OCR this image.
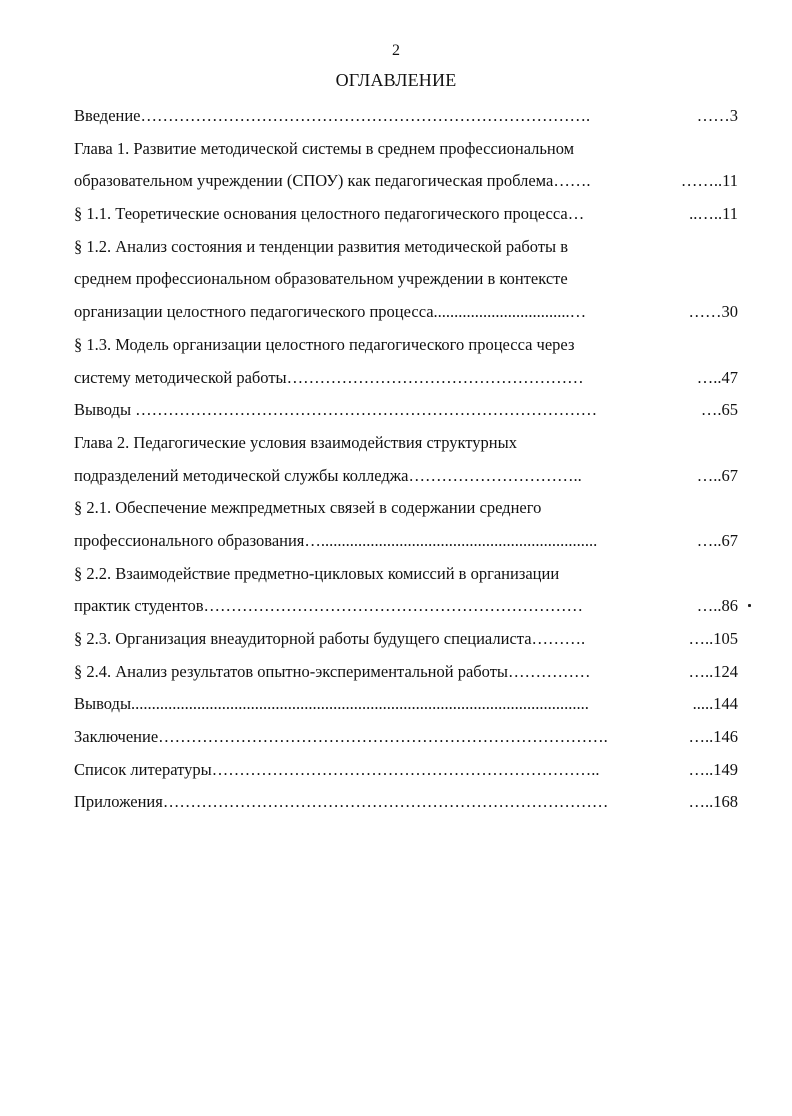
2
ОГЛАВЛЕНИЕ
Введение……………………………………………………………………….	……3
Глава 1. Развитие методической системы в среднем профессиональном
образовательном учреждении (СПОУ) как педагогическая проблема…….	……..11
§ 1.1. Теоретические основания целостного педагогического процесса…	..…..11
§ 1.2. Анализ состояния и тенденции развития методической работы в
среднем профессиональном образовательном учреждении в контексте
организации целостного педагогического процесса.................................…	……30
§ 1.3. Модель организации целостного педагогического процесса через
систему методической работы………………………………………………	…..47
Выводы …………………………………………………………………………	….65
Глава 2. Педагогические условия взаимодействия структурных
подразделений методической службы колледжа…………………………..	…..67
§ 2.1. Обеспечение межпредметных связей в содержании среднего
профессионального образования…...................................................................	…..67
§ 2.2. Взаимодействие предметно-цикловых комиссий в организации
практик студентов……………………………………………………………	…..86
§ 2.3. Организация внеаудиторной работы будущего специалиста……….	…..105
§ 2.4. Анализ результатов опытно-экспериментальной работы……………	…..124
Выводы...............................................................................................................	.....144
Заключение……………………………………………………………………….	…..146
Список литературы……………………………………………………………..	…..149
Приложения………………………………………………………………………	…..168
